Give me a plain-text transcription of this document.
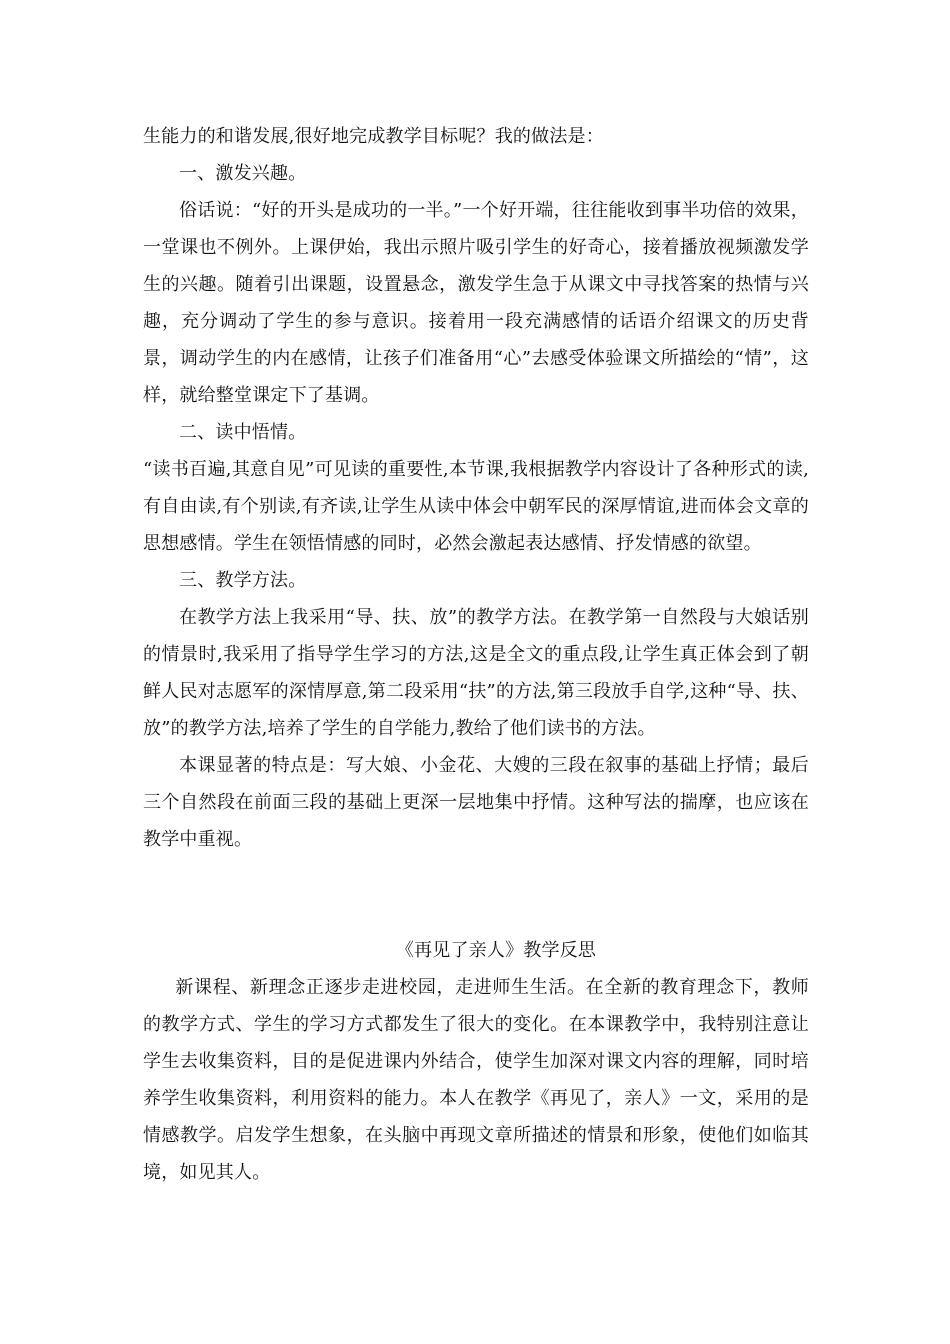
生能力的和谐发展,很好地完成教学目标呢？我的做法是：

一、激发兴趣。

俗话说：“好的开头是成功的一半。”一个好开端，往往能收到事半功倍的效果，一堂课也不例外。上课伊始，我出示照片吸引学生的好奇心，接着播放视频激发学生的兴趣。随着引出课题，设置悬念，激发学生急于从课文中寻找答案的热情与兴趣，充分调动了学生的参与意识。接着用一段充满感情的话语介绍课文的历史背景，调动学生的内在感情，让孩子们准备用“心”去感受体验课文所描绘的“情”，这样，就给整堂课定下了基调。

二、读中悟情。

“读书百遍,其意自见”可见读的重要性,本节课,我根据教学内容设计了各种形式的读,有自由读,有个别读,有齐读,让学生从读中体会中朝军民的深厚情谊,进而体会文章的思想感情。学生在领悟情感的同时，必然会激起表达感情、抒发情感的欲望。

三、教学方法。

在教学方法上我采用“导、扶、放”的教学方法。在教学第一自然段与大娘话别的情景时,我采用了指导学生学习的方法,这是全文的重点段,让学生真正体会到了朝鲜人民对志愿军的深情厚意,第二段采用“扶”的方法,第三段放手自学,这种“导、扶、放”的教学方法,培养了学生的自学能力,教给了他们读书的方法。

本课显著的特点是：写大娘、小金花、大嫂的三段在叙事的基础上抒情；最后三个自然段在前面三段的基础上更深一层地集中抒情。这种写法的揣摩，也应该在教学中重视。

《再见了亲人》教学反思

新课程、新理念正逐步走进校园，走进师生生活。在全新的教育理念下，教师的教学方式、学生的学习方式都发生了很大的变化。在本课教学中，我特别注意让学生去收集资料，目的是促进课内外结合，使学生加深对课文内容的理解，同时培养学生收集资料，利用资料的能力。本人在教学《再见了，亲人》一文，采用的是情感教学。启发学生想象，在头脑中再现文章所描述的情景和形象，使他们如临其境，如见其人。
